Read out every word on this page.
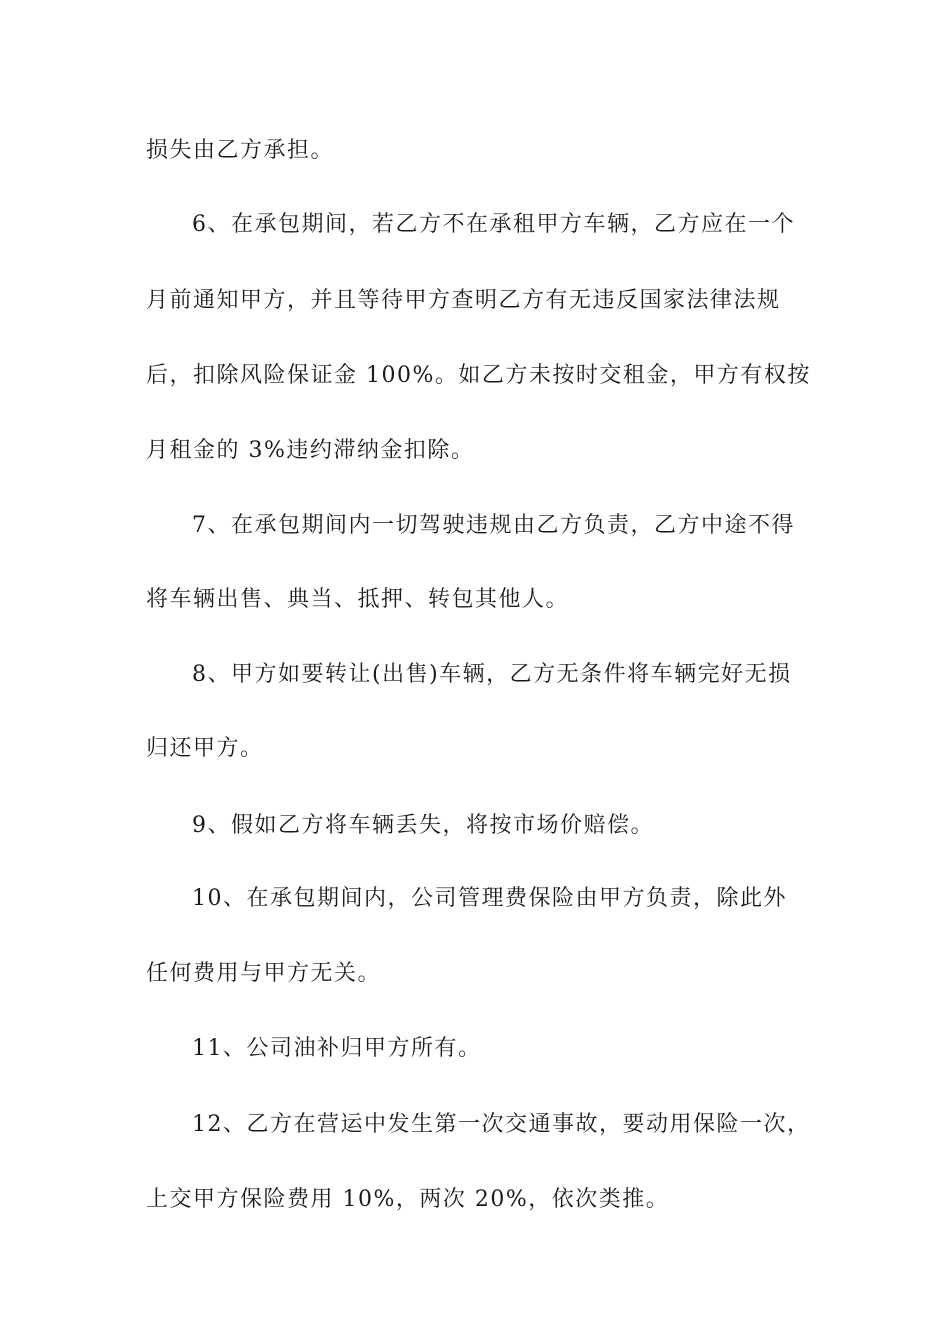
损失由乙方承担。
6、在承包期间，若乙方不在承租甲方车辆，乙方应在一个
月前通知甲方，并且等待甲方查明乙方有无违反国家法律法规
后，扣除风险保证金 100%。如乙方未按时交租金，甲方有权按
月租金的 3%违约滞纳金扣除。
7、在承包期间内一切驾驶违规由乙方负责，乙方中途不得
将车辆出售、典当、抵押、转包其他人。
8、甲方如要转让(出售)车辆，乙方无条件将车辆完好无损
归还甲方。
9、假如乙方将车辆丢失，将按市场价赔偿。
10、在承包期间内，公司管理费保险由甲方负责，除此外
任何费用与甲方无关。
11、公司油补归甲方所有。
12、乙方在营运中发生第一次交通事故，要动用保险一次，
上交甲方保险费用 10%，两次 20%，依次类推。
